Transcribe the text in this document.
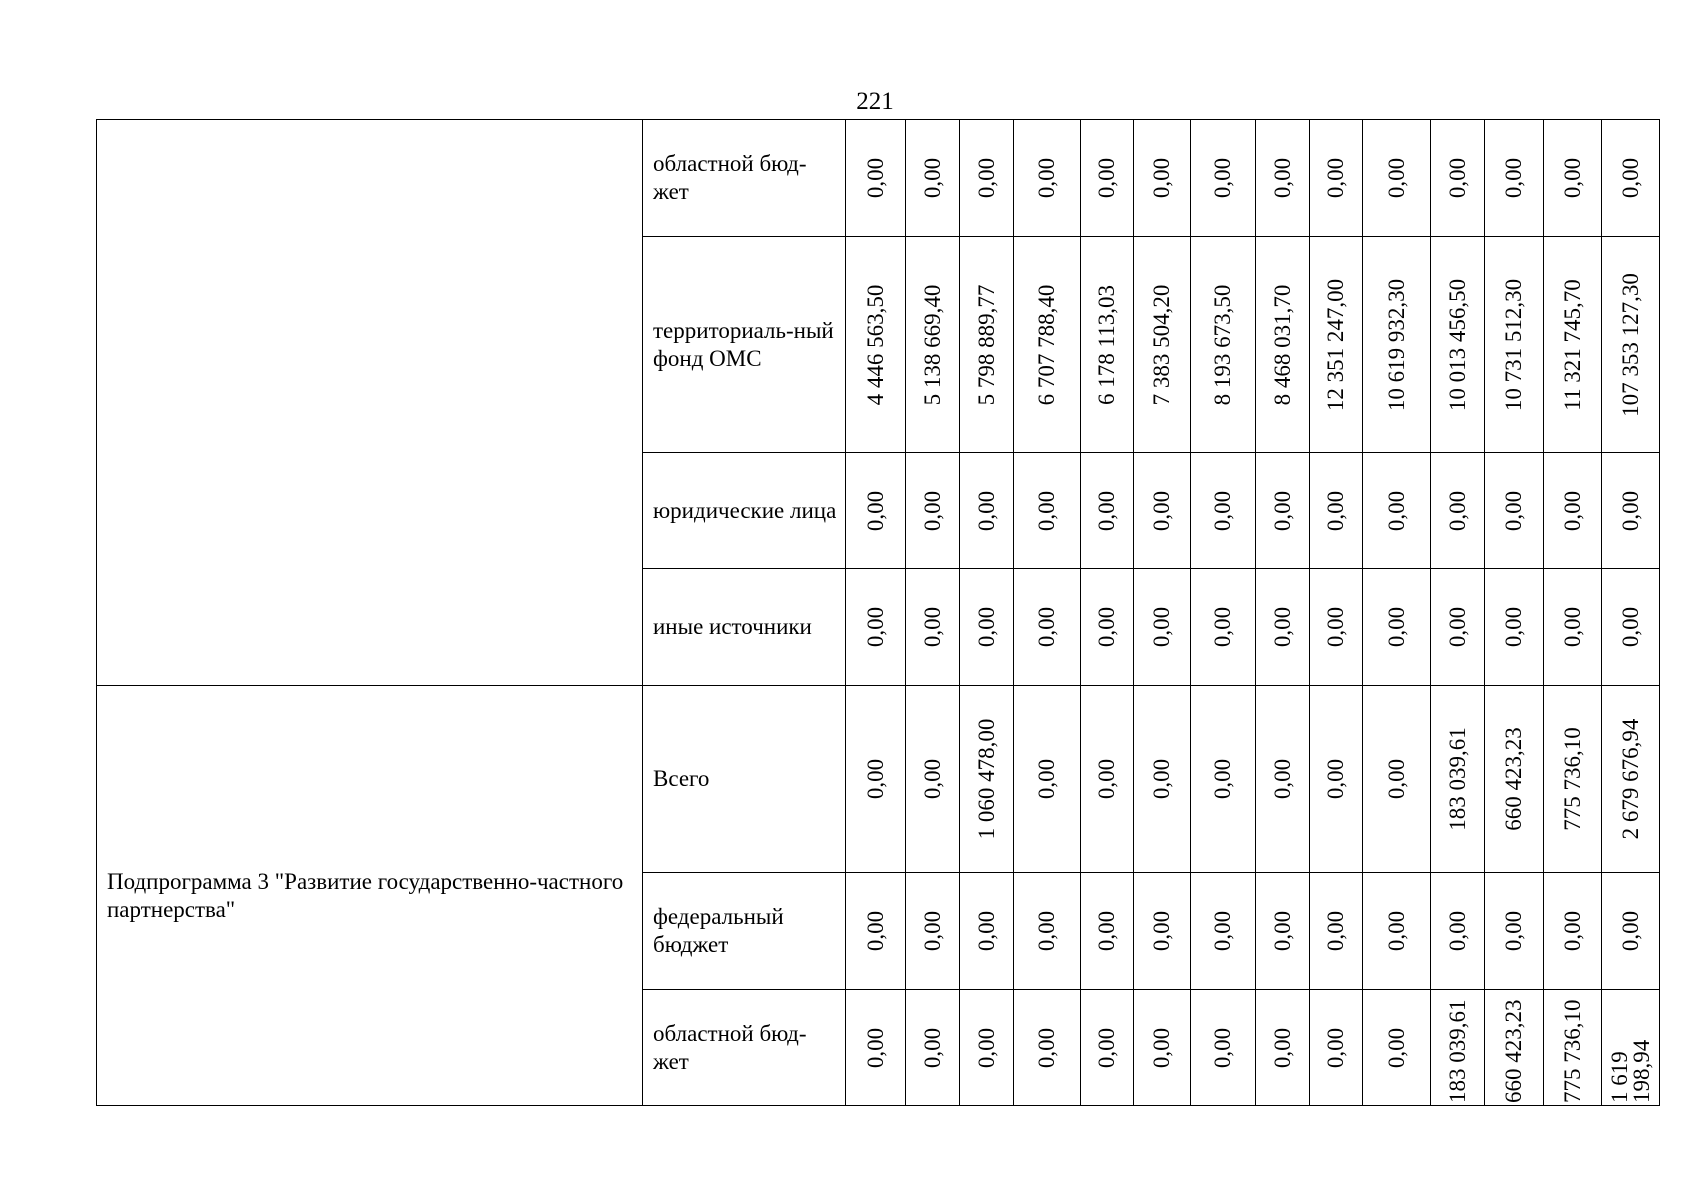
221
	областной бюд-жет	0,00	0,00	0,00	0,00	0,00	0,00	0,00	0,00	0,00	0,00	0,00	0,00	0,00	0,00

	территориаль-ный фонд ОМС	4 446 563,50	5 138 669,40	5 798 889,77	6 707 788,40	6 178 113,03	7 383 504,20	8 193 673,50	8 468 031,70	12 351 247,00	10 619 932,30	10 013 456,50	10 731 512,30	11 321 745,70	107 353 127,30

	юридические лица	0,00	0,00	0,00	0,00	0,00	0,00	0,00	0,00	0,00	0,00	0,00	0,00	0,00	0,00

	иные источники	0,00	0,00	0,00	0,00	0,00	0,00	0,00	0,00	0,00	0,00	0,00	0,00	0,00	0,00

Подпрограмма 3 "Развитие государственно-частного партнерства"	Всего	0,00	0,00	1 060 478,00	0,00	0,00	0,00	0,00	0,00	0,00	0,00	183 039,61	660 423,23	775 736,10	2 679 676,94

	федеральный бюджет	0,00	0,00	0,00	0,00	0,00	0,00	0,00	0,00	0,00	0,00	0,00	0,00	0,00	0,00

	областной бюд-жет	0,00	0,00	0,00	0,00	0,00	0,00	0,00	0,00	0,00	0,00	183 039,61	660 423,23	775 736,10	1 619 198,94
